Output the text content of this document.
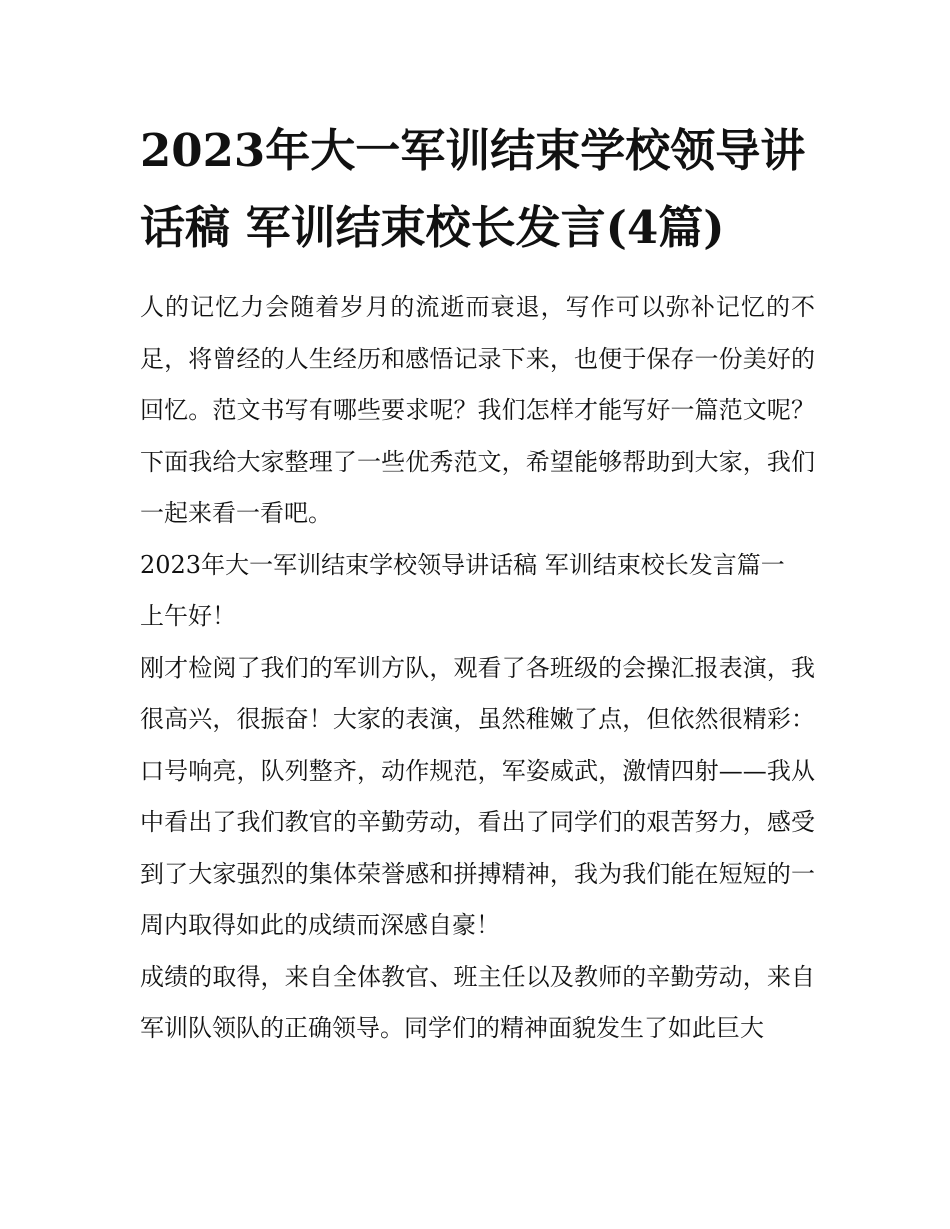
2023年大一军训结束学校领导讲话稿 军训结束校长发言(4篇)

人的记忆力会随着岁月的流逝而衰退，写作可以弥补记忆的不足，将曾经的人生经历和感悟记录下来，也便于保存一份美好的回忆。范文书写有哪些要求呢？我们怎样才能写好一篇范文呢？下面我给大家整理了一些优秀范文，希望能够帮助到大家，我们一起来看一看吧。

2023年大一军训结束学校领导讲话稿 军训结束校长发言篇一

上午好！

刚才检阅了我们的军训方队，观看了各班级的会操汇报表演，我很高兴，很振奋！大家的表演，虽然稚嫩了点，但依然很精彩：口号响亮，队列整齐，动作规范，军姿威武，激情四射——我从中看出了我们教官的辛勤劳动，看出了同学们的艰苦努力，感受到了大家强烈的集体荣誉感和拼搏精神，我为我们能在短短的一周内取得如此的成绩而深感自豪！

成绩的取得，来自全体教官、班主任以及教师的辛勤劳动，来自军训队领队的正确领导。同学们的精神面貌发生了如此巨大
